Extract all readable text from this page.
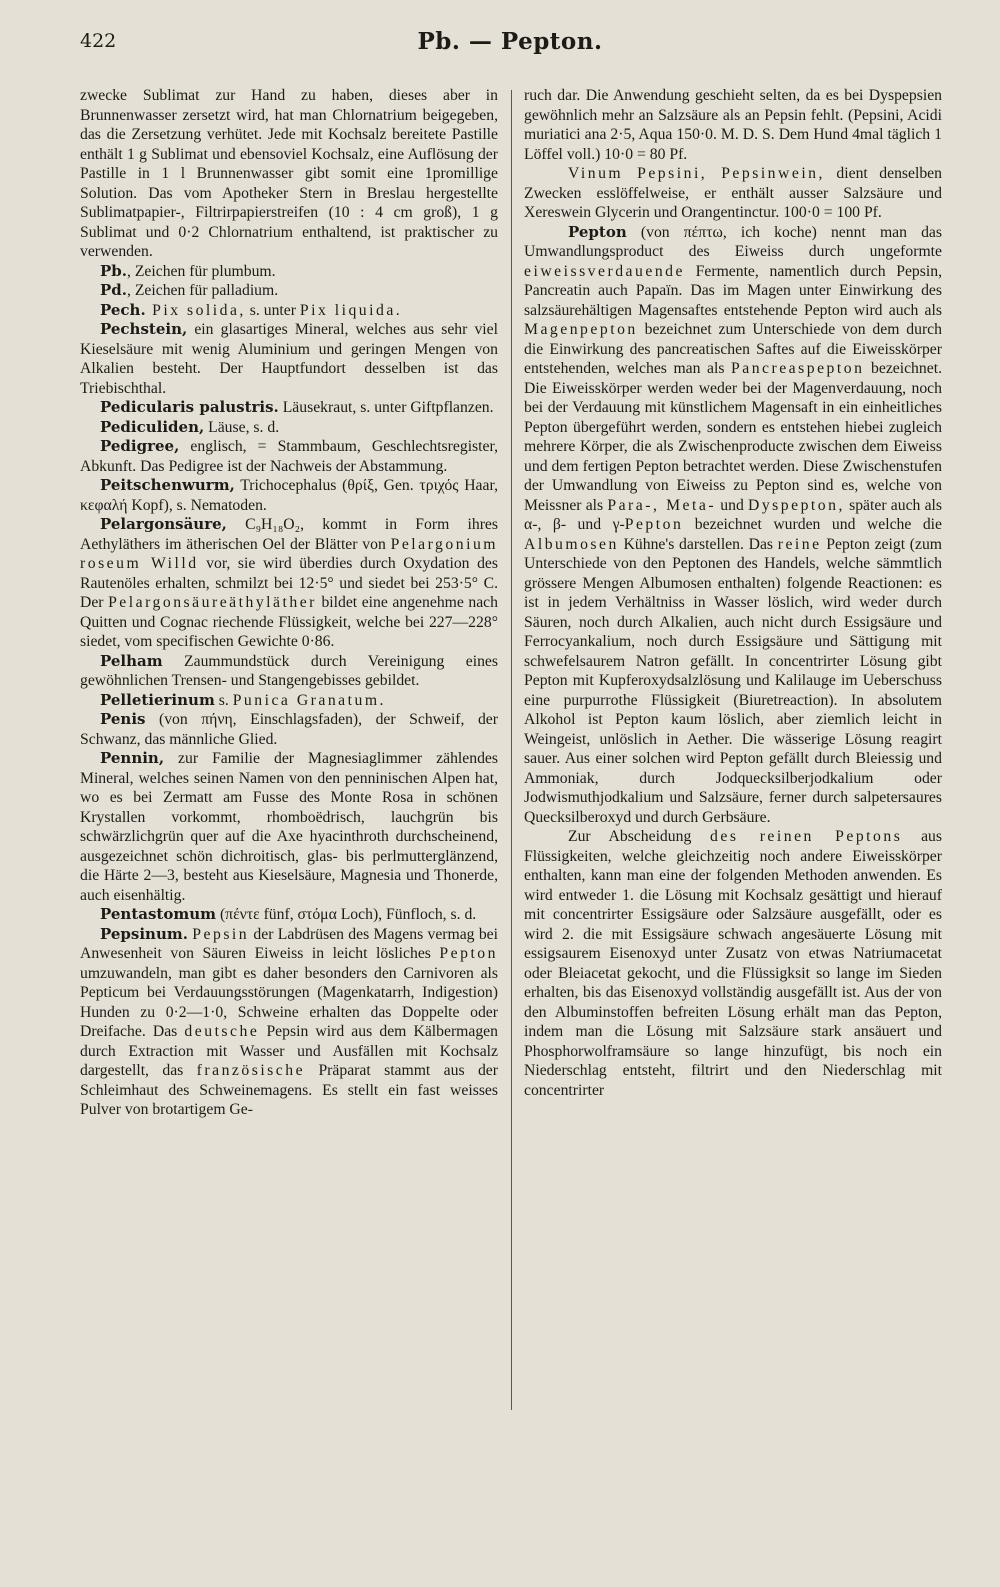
422	Pb. — Pepton.

zwecke Sublimat zur Hand zu haben, dieses aber in Brunnenwasser zersetzt wird, hat man Chlornatrium beigegeben, das die Zersetzung verhütet. Jede mit Kochsalz bereitete Pastille enthält 1 g Sublimat und ebensoviel Kochsalz, eine Auflösung der Pastille in 1 l Brunnenwasser gibt somit eine 1promillige Solution. Das vom Apotheker Stern in Breslau hergestellte Sublimatpapier-, Filtrirpapierstreifen (10 : 4 cm groß), 1 g Sublimat und 0·2 Chlornatrium enthaltend, ist praktischer zu verwenden.

Pb., Zeichen für plumbum.

Pd., Zeichen für palladium.

Pech. Pix solida, s. unter Pix liquida.

Pechstein, ein glasartiges Mineral, welches aus sehr viel Kieselsäure mit wenig Aluminium und geringen Mengen von Alkalien besteht. Der Hauptfundort desselben ist das Triebischthal.

Pedicularis palustris. Läusekraut, s. unter Giftpflanzen.

Pediculiden, Läuse, s. d.

Pedigree, englisch, = Stammbaum, Geschlechtsregister, Abkunft. Das Pedigree ist der Nachweis der Abstammung.

Peitschenwurm, Trichocephalus (θρίξ, Gen. τριχός Haar, κεφαλή Kopf), s. Nematoden.

Pelargonsäure, C₉H₁₈O₂, kommt in Form ihres Aethyläthers im ätherischen Oel der Blätter von Pelargonium roseum Willd vor, sie wird überdies durch Oxydation des Rautenöles erhalten, schmilzt bei 12·5° und siedet bei 253·5° C. Der Pelargonsäureäthyläther bildet eine angenehme nach Quitten und Cognac riechende Flüssigkeit, welche bei 227—228° siedet, vom specifischen Gewichte 0·86.

Pelham Zaummundstück durch Vereinigung eines gewöhnlichen Trensen- und Stangengebisses gebildet.

Pelletierinum s. Punica Granatum.

Penis (von πήνη, Einschlagsfaden), der Schweif, der Schwanz, das männliche Glied.

Pennin, zur Familie der Magnesiaglimmer zählendes Mineral, welches seinen Namen von den penninischen Alpen hat, wo es bei Zermatt am Fusse des Monte Rosa in schönen Krystallen vorkommt, rhomboëdrisch, lauchgrün bis schwärzlichgrün quer auf die Axe hyacinthroth durchscheinend, ausgezeichnet schön dichroitisch, glas- bis perlmutterglänzend, die Härte 2—3, besteht aus Kieselsäure, Magnesia und Thonerde, auch eisenhältig.

Pentastomum (πέντε fünf, στόμα Loch), Fünfloch, s. d.

Pepsinum. Pepsin der Labdrüsen des Magens vermag bei Anwesenheit von Säuren Eiweiss in leicht lösliches Pepton umzuwandeln, man gibt es daher besonders den Carnivoren als Pepticum bei Verdauungsstörungen (Magenkatarrh, Indigestion) Hunden zu 0·2—1·0, Schweine erhalten das Doppelte oder Dreifache. Das deutsche Pepsin wird aus dem Kälbermagen durch Extraction mit Wasser und Ausfällen mit Kochsalz dargestellt, das französische Präparat stammt aus der Schleimhaut des Schweinemagens. Es stellt ein fast weisses Pulver von brotartigem Ge-

ruch dar. Die Anwendung geschieht selten, da es bei Dyspepsien gewöhnlich mehr an Salzsäure als an Pepsin fehlt. (Pepsini, Acidi muriatici ana 2·5, Aqua 150·0. M. D. S. Dem Hund 4mal täglich 1 Löffel voll.) 10·0 = 80 Pf.

Vinum Pepsini, Pepsinwein, dient denselben Zwecken esslöffelweise, er enthält ausser Salzsäure und Xereswein Glycerin und Orangentinctur. 100·0 = 100 Pf.

Pepton (von πέπτω, ich koche) nennt man das Umwandlungsproduct des Eiweiss durch ungeformte eiweissverdauende Fermente, namentlich durch Pepsin, Pancreatin auch Papaïn. Das im Magen unter Einwirkung des salzsäurehältigen Magensaftes entstehende Pepton wird auch als Magenpepton bezeichnet zum Unterschiede von dem durch die Einwirkung des pancreatischen Saftes auf die Eiweisskörper entstehenden, welches man als Pancreaspepton bezeichnet. Die Eiweisskörper werden weder bei der Magenverdauung, noch bei der Verdauung mit künstlichem Magensaft in ein einheitliches Pepton übergeführt werden, sondern es entstehen hiebei zugleich mehrere Körper, die als Zwischenproducte zwischen dem Eiweiss und dem fertigen Pepton betrachtet werden. Diese Zwischenstufen der Umwandlung von Eiweiss zu Pepton sind es, welche von Meissner als Para-, Meta- und Dyspepton, später auch als α-, β- und γ-Pepton bezeichnet wurden und welche die Albumosen Kühne's darstellen. Das reine Pepton zeigt (zum Unterschiede von den Peptonen des Handels, welche sämmtlich grössere Mengen Albumosen enthalten) folgende Reactionen: es ist in jedem Verhältniss in Wasser löslich, wird weder durch Säuren, noch durch Alkalien, auch nicht durch Essigsäure und Ferrocyankalium, noch durch Essigsäure und Sättigung mit schwefelsaurem Natron gefällt. In concentrirter Lösung gibt Pepton mit Kupferoxydsalzlösung und Kalilauge im Ueberschuss eine purpurrothe Flüssigkeit (Biuretreaction). In absolutem Alkohol ist Pepton kaum löslich, aber ziemlich leicht in Weingeist, unlöslich in Aether. Die wässerige Lösung reagirt sauer. Aus einer solchen wird Pepton gefällt durch Bleiessig und Ammoniak, durch Jodquecksilberjodkalium oder Jodwismuthjodkalium und Salzsäure, ferner durch salpetersaures Quecksilberoxyd und durch Gerbsäure.

Zur Abscheidung des reinen Peptons aus Flüssigkeiten, welche gleichzeitig noch andere Eiweisskörper enthalten, kann man eine der folgenden Methoden anwenden. Es wird entweder 1. die Lösung mit Kochsalz gesättigt und hierauf mit concentrirter Essigsäure oder Salzsäure ausgefällt, oder es wird 2. die mit Essigsäure schwach angesäuerte Lösung mit essigsaurem Eisenoxyd unter Zusatz von etwas Natriumacetat oder Bleiacetat gekocht, und die Flüssigksit so lange im Sieden erhalten, bis das Eisenoxyd vollständig ausgefällt ist. Aus der von den Albuminstoffen befreiten Lösung erhält man das Pepton, indem man die Lösung mit Salzsäure stark ansäuert und Phosphorwolframsäure so lange hinzufügt, bis noch ein Niederschlag entsteht, filtrirt und den Niederschlag mit concentrirter
